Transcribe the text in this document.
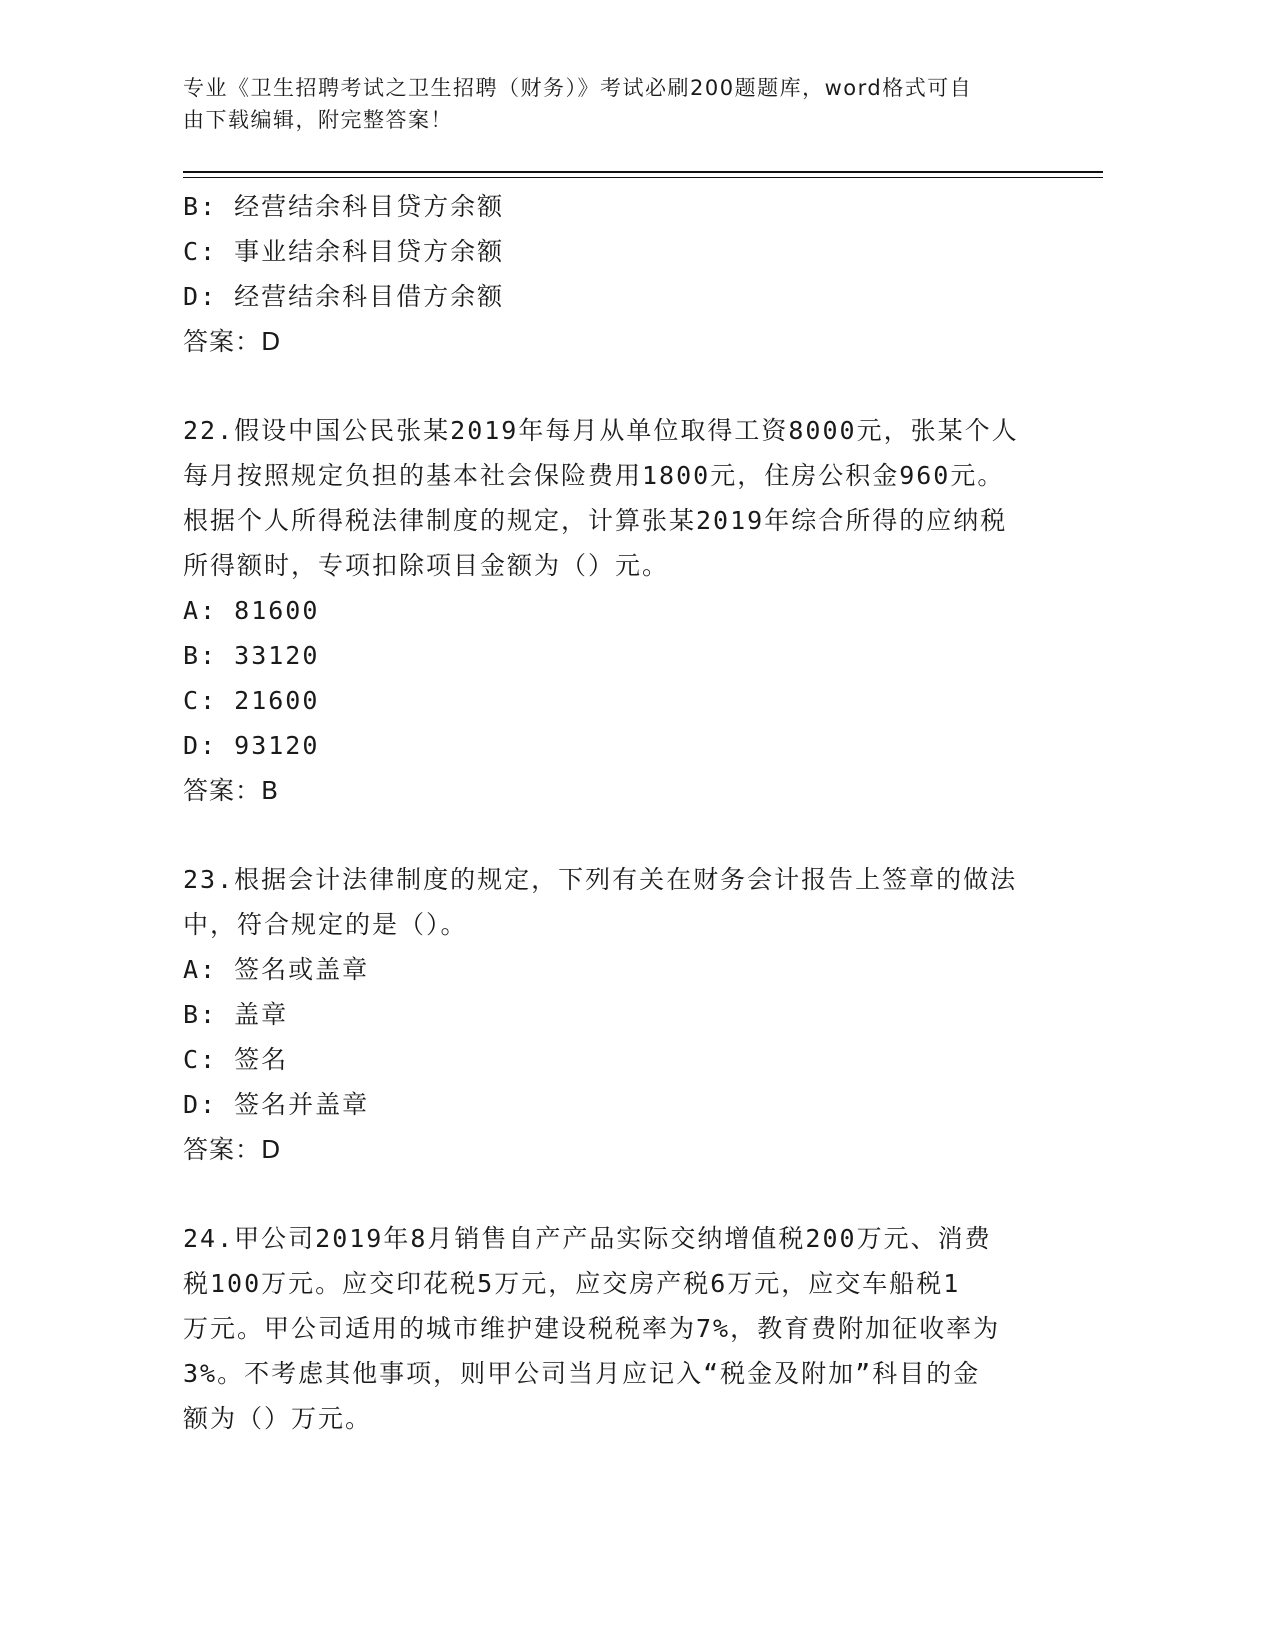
专业《卫生招聘考试之卫生招聘（财务）》考试必刷200题题库，word格式可自
由下载编辑，附完整答案！
B: 经营结余科目贷方余额
C: 事业结余科目贷方余额
D: 经营结余科目借方余额
答案：D
22.假设中国公民张某2019年每月从单位取得工资8000元，张某个人
每月按照规定负担的基本社会保险费用1800元，住房公积金960元。
根据个人所得税法律制度的规定，计算张某2019年综合所得的应纳税
所得额时，专项扣除项目金额为（）元。
A: 81600
B: 33120
C: 21600
D: 93120
答案：B
23.根据会计法律制度的规定，下列有关在财务会计报告上签章的做法
中，符合规定的是（）。
A: 签名或盖章
B: 盖章
C: 签名
D: 签名并盖章
答案：D
24.甲公司2019年8月销售自产产品实际交纳增值税200万元、消费
税100万元。应交印花税5万元，应交房产税6万元，应交车船税1
万元。甲公司适用的城市维护建设税税率为7%，教育费附加征收率为
3%。不考虑其他事项，则甲公司当月应记入“税金及附加”科目的金
额为（）万元。
